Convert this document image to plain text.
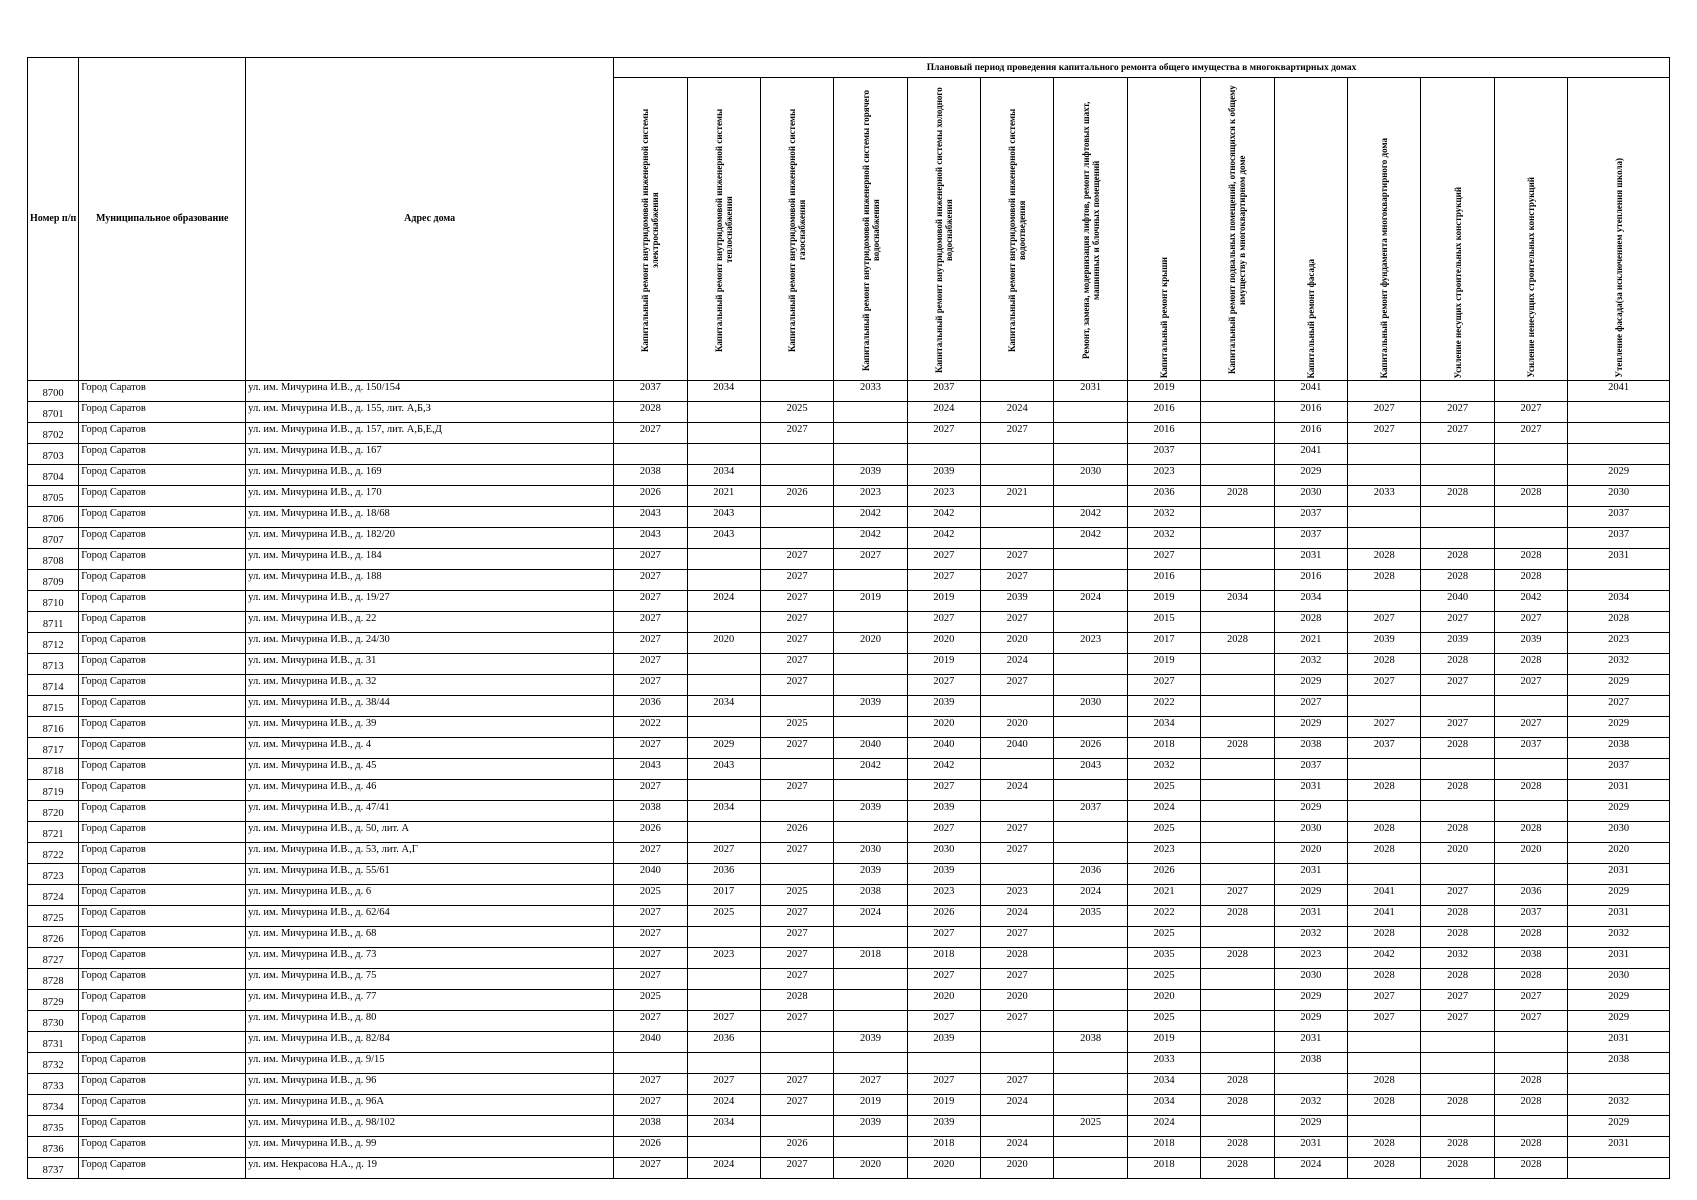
Номер п/п	Муниципальное образование	Адрес дома	Плановый период проведения капитального ремонта общего имущества в многоквартирных домах													
			Капитальный ремонт внутридомовой инженерной системы электроснабжения	Капитальный ремонт внутридомовой инженерной системы теплоснабжения	Капитальный ремонт внутридомовой инженерной системы газоснабжения	Капитальный ремонт внутридомовой инженерной системы горячего водоснабжения	Капитальный ремонт внутридомовой инженерной системы холодного водоснабжения	Капитальный ремонт внутридомовой инженерной системы водоотведения	Ремонт, замена, модернизация лифтов, ремонт лифтовых шахт, машинных и блочных помещений	Капитальный ремонт крыши	Капитальный ремонт подвальных помещений, относящихся к общему имуществу в многоквартирном доме	Капитальный ремонт фасада	Капитальный ремонт фундамента многоквартирного дома	Усиление несущих строительных конструкций	Усиление ненесущих строительных конструкций	Утепление фасада(за исключением утепления школа)
8700	Город Саратов	ул. им. Мичурина И.В., д. 150/154	2037	2034		2033	2037		2031	2019		2041				2041
8701	Город Саратов	ул. им. Мичурина И.В., д. 155, лит. А,Б,З	2028		2025		2024	2024		2016		2016	2027	2027	2027	
8702	Город Саратов	ул. им. Мичурина И.В., д. 157, лит. А,Б,Е,Д	2027		2027		2027	2027		2016		2016	2027	2027	2027	
8703	Город Саратов	ул. им. Мичурина И.В., д. 167								2037		2041				
8704	Город Саратов	ул. им. Мичурина И.В., д. 169	2038	2034		2039	2039		2030	2023		2029				2029
8705	Город Саратов	ул. им. Мичурина И.В., д. 170	2026	2021	2026	2023	2023	2021		2036	2028	2030	2033	2028	2028	2030
8706	Город Саратов	ул. им. Мичурина И.В., д. 18/68	2043	2043		2042	2042		2042	2032		2037				2037
8707	Город Саратов	ул. им. Мичурина И.В., д. 182/20	2043	2043		2042	2042		2042	2032		2037				2037
8708	Город Саратов	ул. им. Мичурина И.В., д. 184	2027		2027	2027	2027	2027		2027		2031	2028	2028	2028	2031
8709	Город Саратов	ул. им. Мичурина И.В., д. 188	2027		2027		2027	2027		2016		2016	2028	2028	2028	
8710	Город Саратов	ул. им. Мичурина И.В., д. 19/27	2027	2024	2027	2019	2019	2039	2024	2019	2034	2034		2040	2042	2034
8711	Город Саратов	ул. им. Мичурина И.В., д. 22	2027		2027		2027	2027		2015		2028	2027	2027	2027	2028
8712	Город Саратов	ул. им. Мичурина И.В., д. 24/30	2027	2020	2027	2020	2020	2020	2023	2017	2028	2021	2039	2039	2039	2023
8713	Город Саратов	ул. им. Мичурина И.В., д. 31	2027		2027		2019	2024		2019		2032	2028	2028	2028	2032
8714	Город Саратов	ул. им. Мичурина И.В., д. 32	2027		2027		2027	2027		2027		2029	2027	2027	2027	2029
8715	Город Саратов	ул. им. Мичурина И.В., д. 38/44	2036	2034		2039	2039		2030	2022		2027				2027
8716	Город Саратов	ул. им. Мичурина И.В., д. 39	2022		2025		2020	2020		2034		2029	2027	2027	2027	2029
8717	Город Саратов	ул. им. Мичурина И.В., д. 4	2027	2029	2027	2040	2040	2040	2026	2018	2028	2038	2037	2028	2037	2038
8718	Город Саратов	ул. им. Мичурина И.В., д. 45	2043	2043		2042	2042		2043	2032		2037				2037
8719	Город Саратов	ул. им. Мичурина И.В., д. 46	2027		2027		2027	2024		2025		2031	2028	2028	2028	2031
8720	Город Саратов	ул. им. Мичурина И.В., д. 47/41	2038	2034		2039	2039		2037	2024		2029				2029
8721	Город Саратов	ул. им. Мичурина И.В., д. 50, лит. А	2026		2026		2027	2027		2025		2030	2028	2028	2028	2030
8722	Город Саратов	ул. им. Мичурина И.В., д. 53, лит. А,Г	2027	2027	2027	2030	2030	2027		2023		2020	2028	2020	2020	2020
8723	Город Саратов	ул. им. Мичурина И.В., д. 55/61	2040	2036		2039	2039		2036	2026		2031				2031
8724	Город Саратов	ул. им. Мичурина И.В., д. 6	2025	2017	2025	2038	2023	2023	2024	2021	2027	2029	2041	2027	2036	2029
8725	Город Саратов	ул. им. Мичурина И.В., д. 62/64	2027	2025	2027	2024	2026	2024	2035	2022	2028	2031	2041	2028	2037	2031
8726	Город Саратов	ул. им. Мичурина И.В., д. 68	2027		2027		2027	2027		2025		2032	2028	2028	2028	2032
8727	Город Саратов	ул. им. Мичурина И.В., д. 73	2027	2023	2027	2018	2018	2028		2035	2028	2023	2042	2032	2038	2031
8728	Город Саратов	ул. им. Мичурина И.В., д. 75	2027		2027		2027	2027		2025		2030	2028	2028	2028	2030
8729	Город Саратов	ул. им. Мичурина И.В., д. 77	2025		2028		2020	2020		2020		2029	2027	2027	2027	2029
8730	Город Саратов	ул. им. Мичурина И.В., д. 80	2027	2027	2027		2027	2027		2025		2029	2027	2027	2027	2029
8731	Город Саратов	ул. им. Мичурина И.В., д. 82/84	2040	2036		2039	2039		2038	2019		2031				2031
8732	Город Саратов	ул. им. Мичурина И.В., д. 9/15								2033		2038				2038
8733	Город Саратов	ул. им. Мичурина И.В., д. 96	2027	2027	2027	2027	2027	2027		2034	2028		2028		2028	
8734	Город Саратов	ул. им. Мичурина И.В., д. 96А	2027	2024	2027	2019	2019	2024		2034	2028	2032	2028	2028	2028	2032
8735	Город Саратов	ул. им. Мичурина И.В., д. 98/102	2038	2034		2039	2039		2025	2024		2029				2029
8736	Город Саратов	ул. им. Мичурина И.В., д. 99	2026		2026		2018	2024		2018	2028	2031	2028	2028	2028	2031
8737	Город Саратов	ул. им. Некрасова Н.А., д. 19	2027	2024	2027	2020	2020	2020		2018	2028	2024	2028	2028	2028	
